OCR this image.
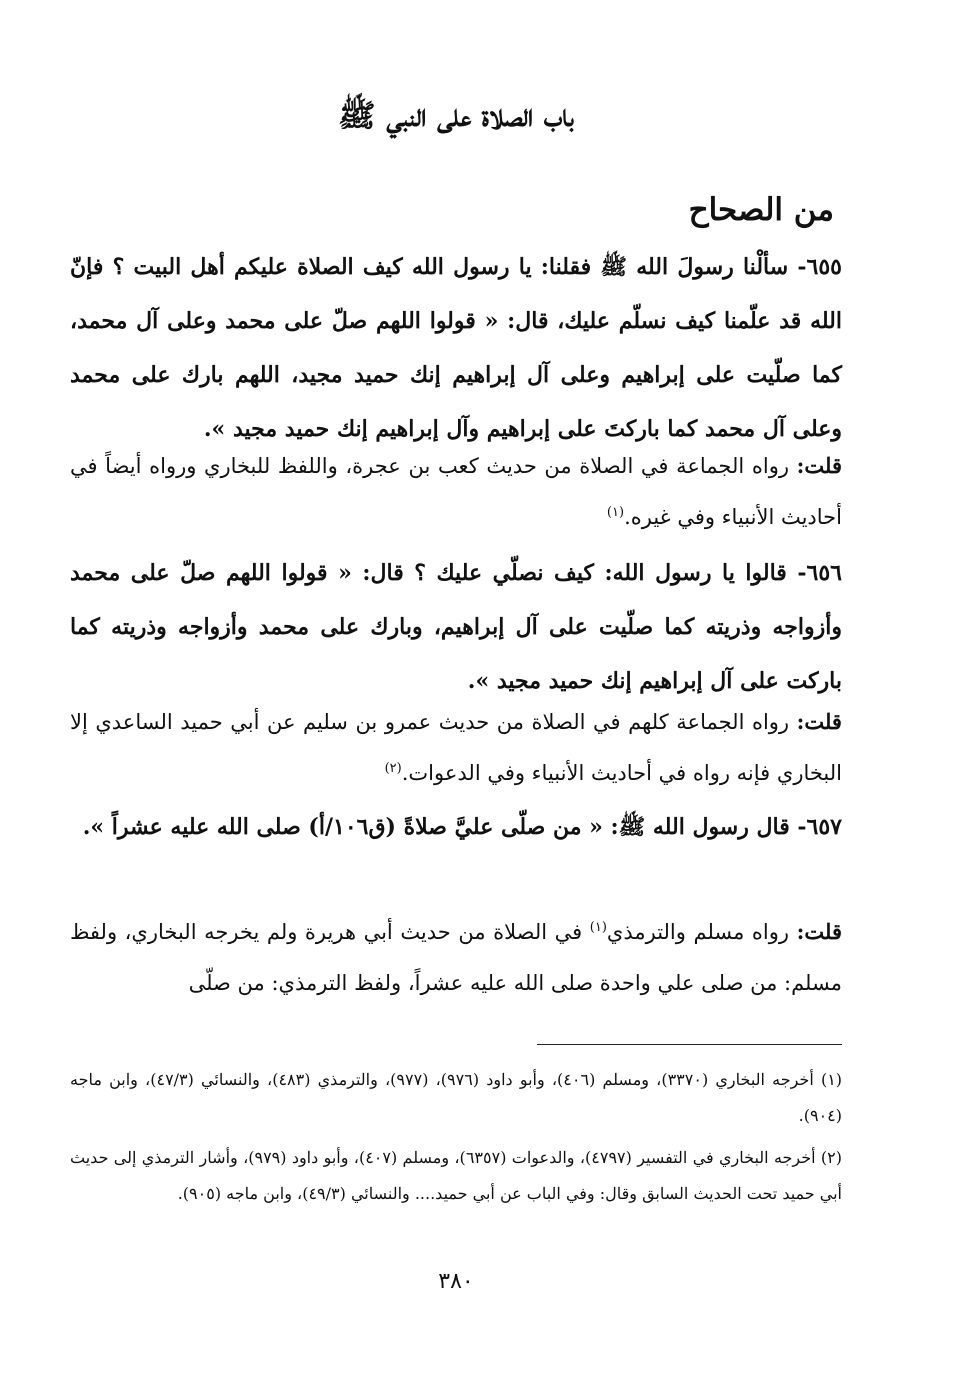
باب الصلاة على النبي ﷺ
من الصحاح

٦٥٥- سألْنا رسولَ الله ﷺ فقلنا: يا رسول الله كيف الصلاة عليكم أهل البيت ؟ فإنّ الله قد علّمنا كيف نسلّم عليك، قال: « قولوا اللهم صلّ على محمد وعلى آل محمد، كما صلّيت على إبراهيم وعلى آل إبراهيم إنك حميد مجيد، اللهم بارك على محمد وعلى آل محمد كما باركتَ على إبراهيم وآل إبراهيم إنك حميد مجيد ».

قلت: رواه الجماعة في الصلاة من حديث كعب بن عجرة، واللفظ للبخاري ورواه أيضاً في أحاديث الأنبياء وفي غيره.$^{(١)}$

٦٥٦- قالوا يا رسول الله: كيف نصلّي عليك ؟ قال: « قولوا اللهم صلّ على محمد وأزواجه وذريته كما صلّيت على آل إبراهيم، وبارك على محمد وأزواجه وذريته كما باركت على آل إبراهيم إنك حميد مجيد ».

قلت: رواه الجماعة كلهم في الصلاة من حديث عمرو بن سليم عن أبي حميد الساعدي إلا البخاري فإنه رواه في أحاديث الأنبياء وفي الدعوات.$^{(٢)}$

٦٥٧- قال رسول الله ﷺ: « من صلّى عليَّ صلاةً (ق١٠٦/أ) صلى الله عليه عشراً ».

قلت: رواه مسلم والترمذي$^{(١)}$ في الصلاة من حديث أبي هريرة ولم يخرجه البخاري، ولفظ مسلم: من صلى علي واحدة صلى الله عليه عشراً، ولفظ الترمذي: من صلّى

(١) أخرجه البخاري (٣٣٧٠)، ومسلم (٤٠٦)، وأبو داود (٩٧٦)، (٩٧٧)، والترمذي (٤٨٣)، والنسائي (٤٧/٣)، وابن ماجه (٩٠٤).

(٢) أخرجه البخاري في التفسير (٤٧٩٧)، والدعوات (٦٣٥٧)، ومسلم (٤٠٧)، وأبو داود (٩٧٩)، وأشار الترمذي إلى حديث أبي حميد تحت الحديث السابق وقال: وفي الباب عن أبي حميد.... والنسائي (٤٩/٣)، وابن ماجه (٩٠٥).

٣٨٠
